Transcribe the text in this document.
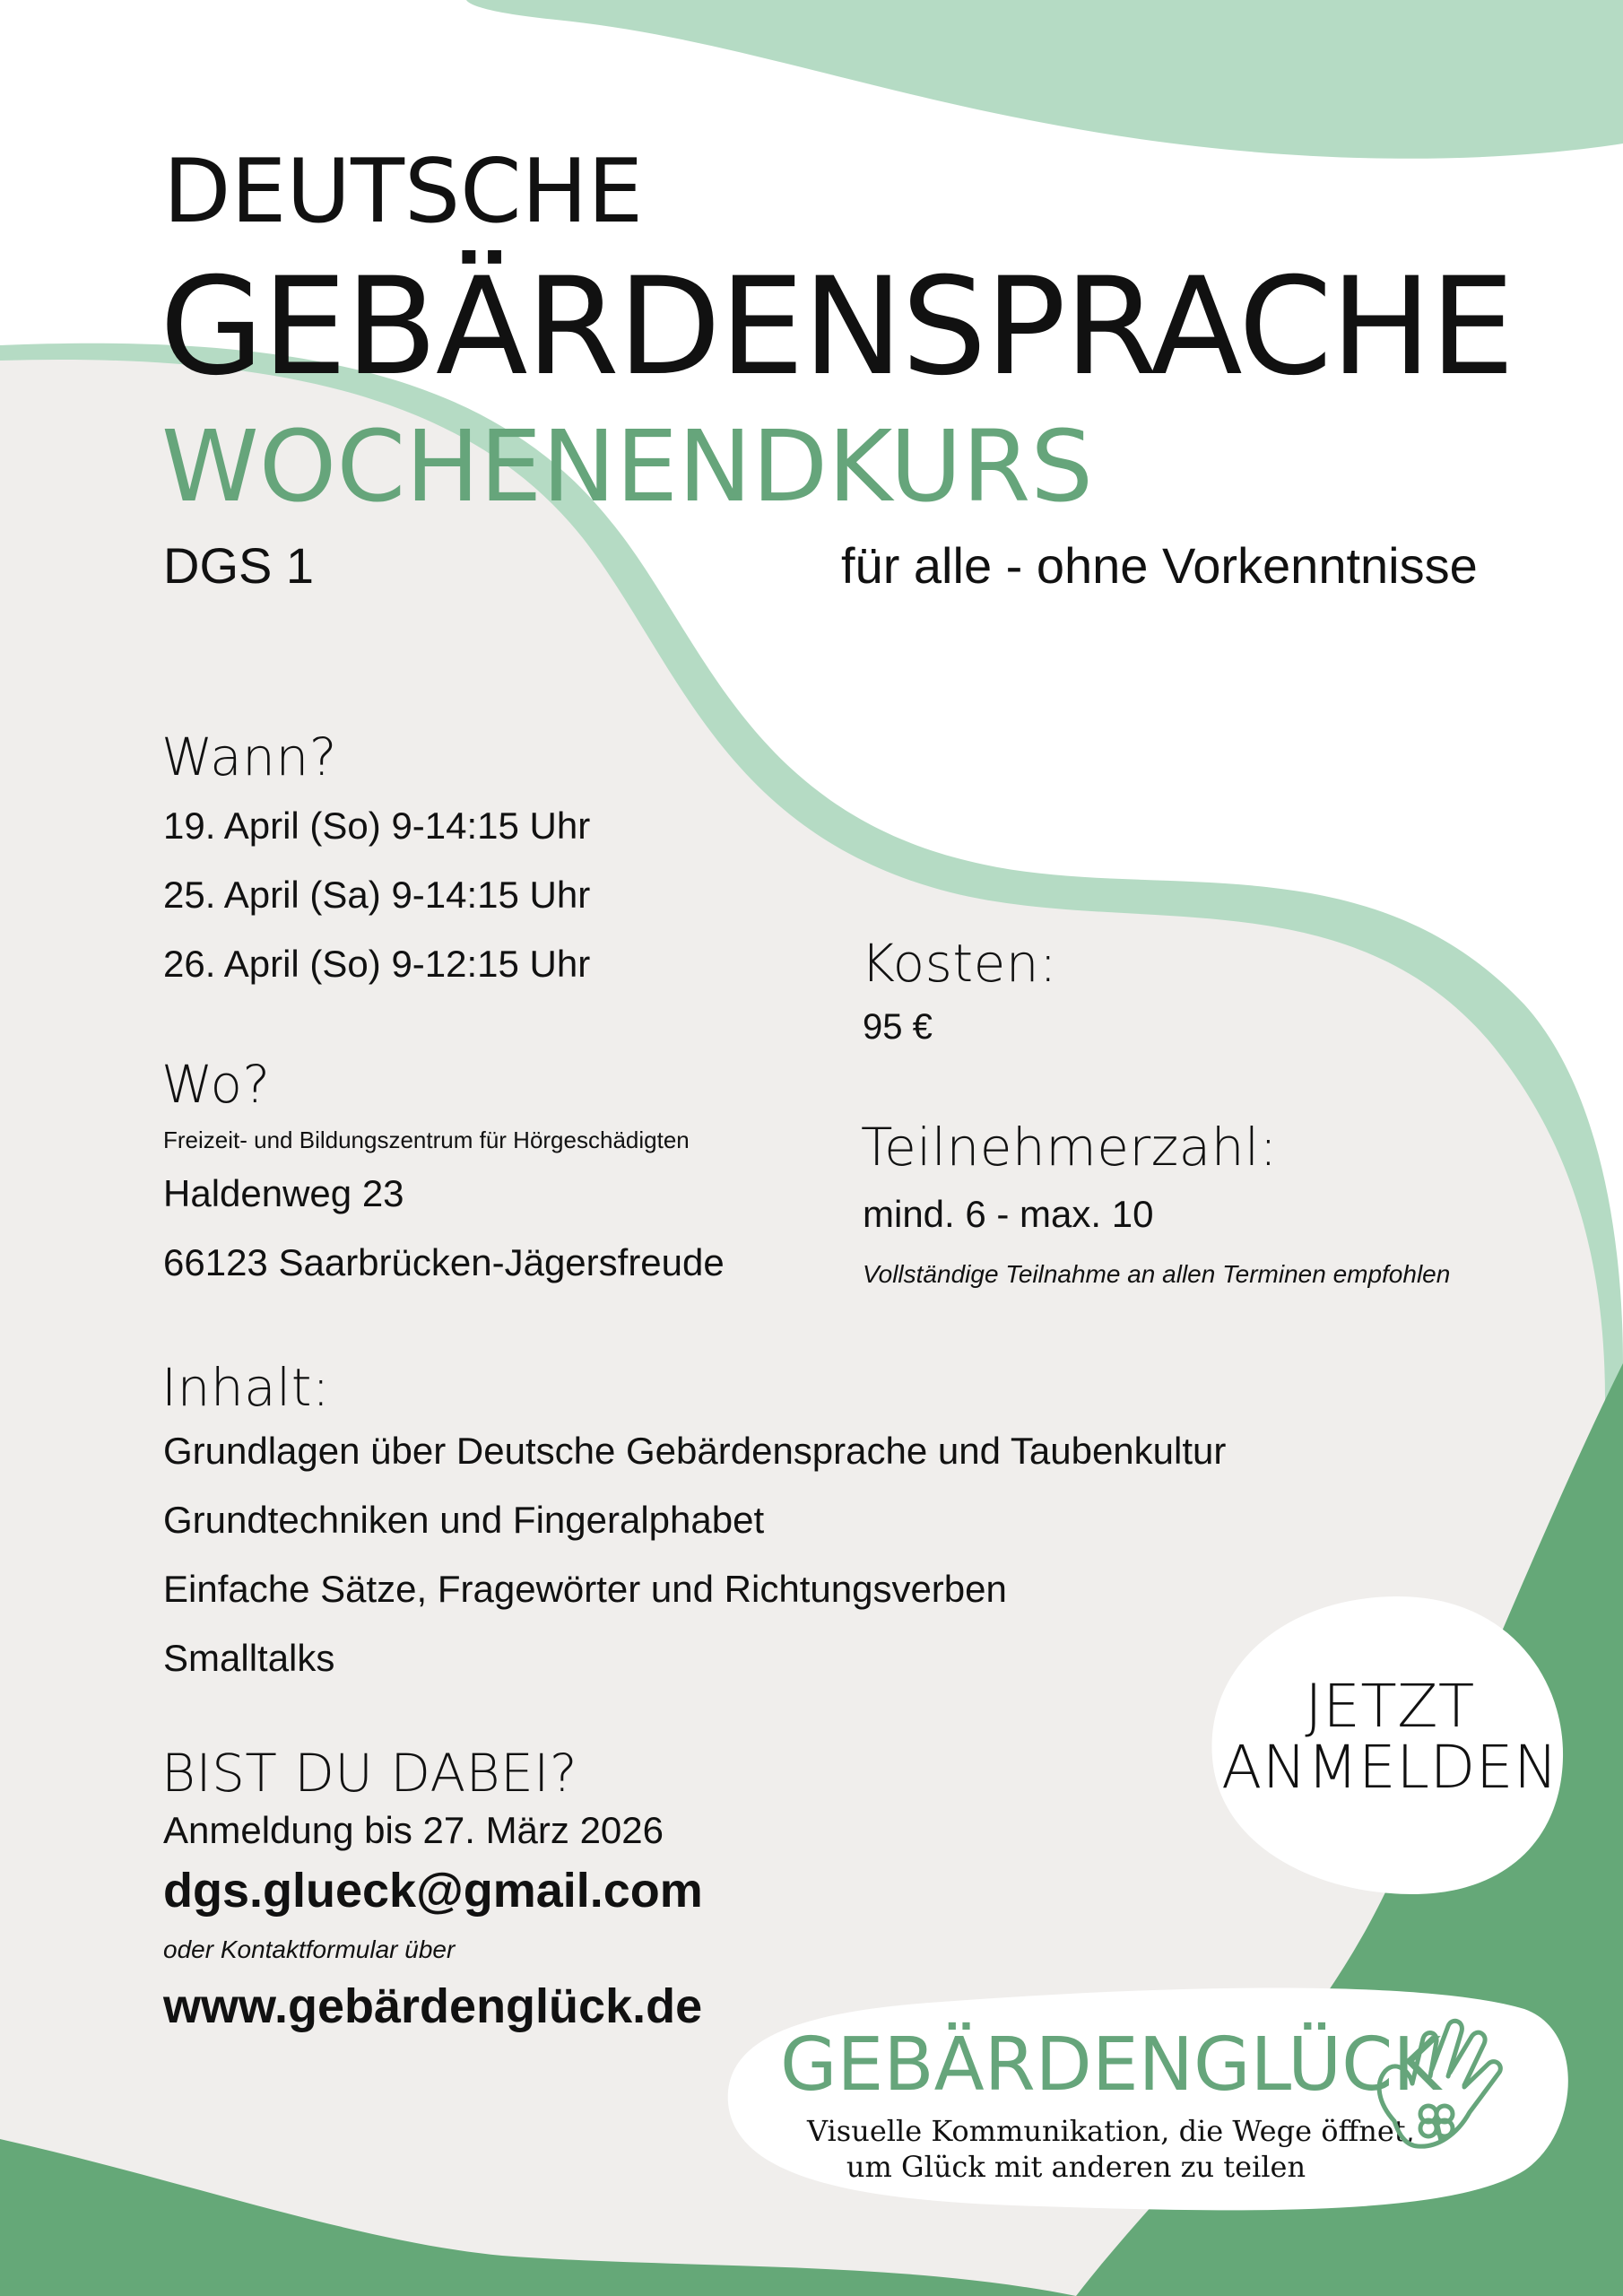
DEUTSCHE
GEBÄRDENSPRACHE
WOCHENENDKURS
DGS 1	für alle - ohne Vorkenntnisse
Wann?
19. April (So) 9-14:15 Uhr
25. April (Sa) 9-14:15 Uhr
26. April (So) 9-12:15 Uhr
Wo?
Freizeit- und Bildungszentrum für Hörgeschädigten
Haldenweg 23
66123 Saarbrücken-Jägersfreude
Kosten:
95 €
Teilnehmerzahl:
mind. 6 - max. 10
Vollständige Teilnahme an allen Terminen empfohlen
Inhalt:
Grundlagen über Deutsche Gebärdensprache und Taubenkultur
Grundtechniken und Fingeralphabet
Einfache Sätze, Fragewörter und Richtungsverben
Smalltalks
BIST DU DABEI?
Anmeldung bis 27. März 2026
dgs.glueck@gmail.com
oder Kontaktformular über
www.gebärdenglück.de
JETZT
ANMELDEN
GEBÄRDENGLÜCK
Visuelle Kommunikation, die Wege öffnet,
um Glück mit anderen zu teilen
